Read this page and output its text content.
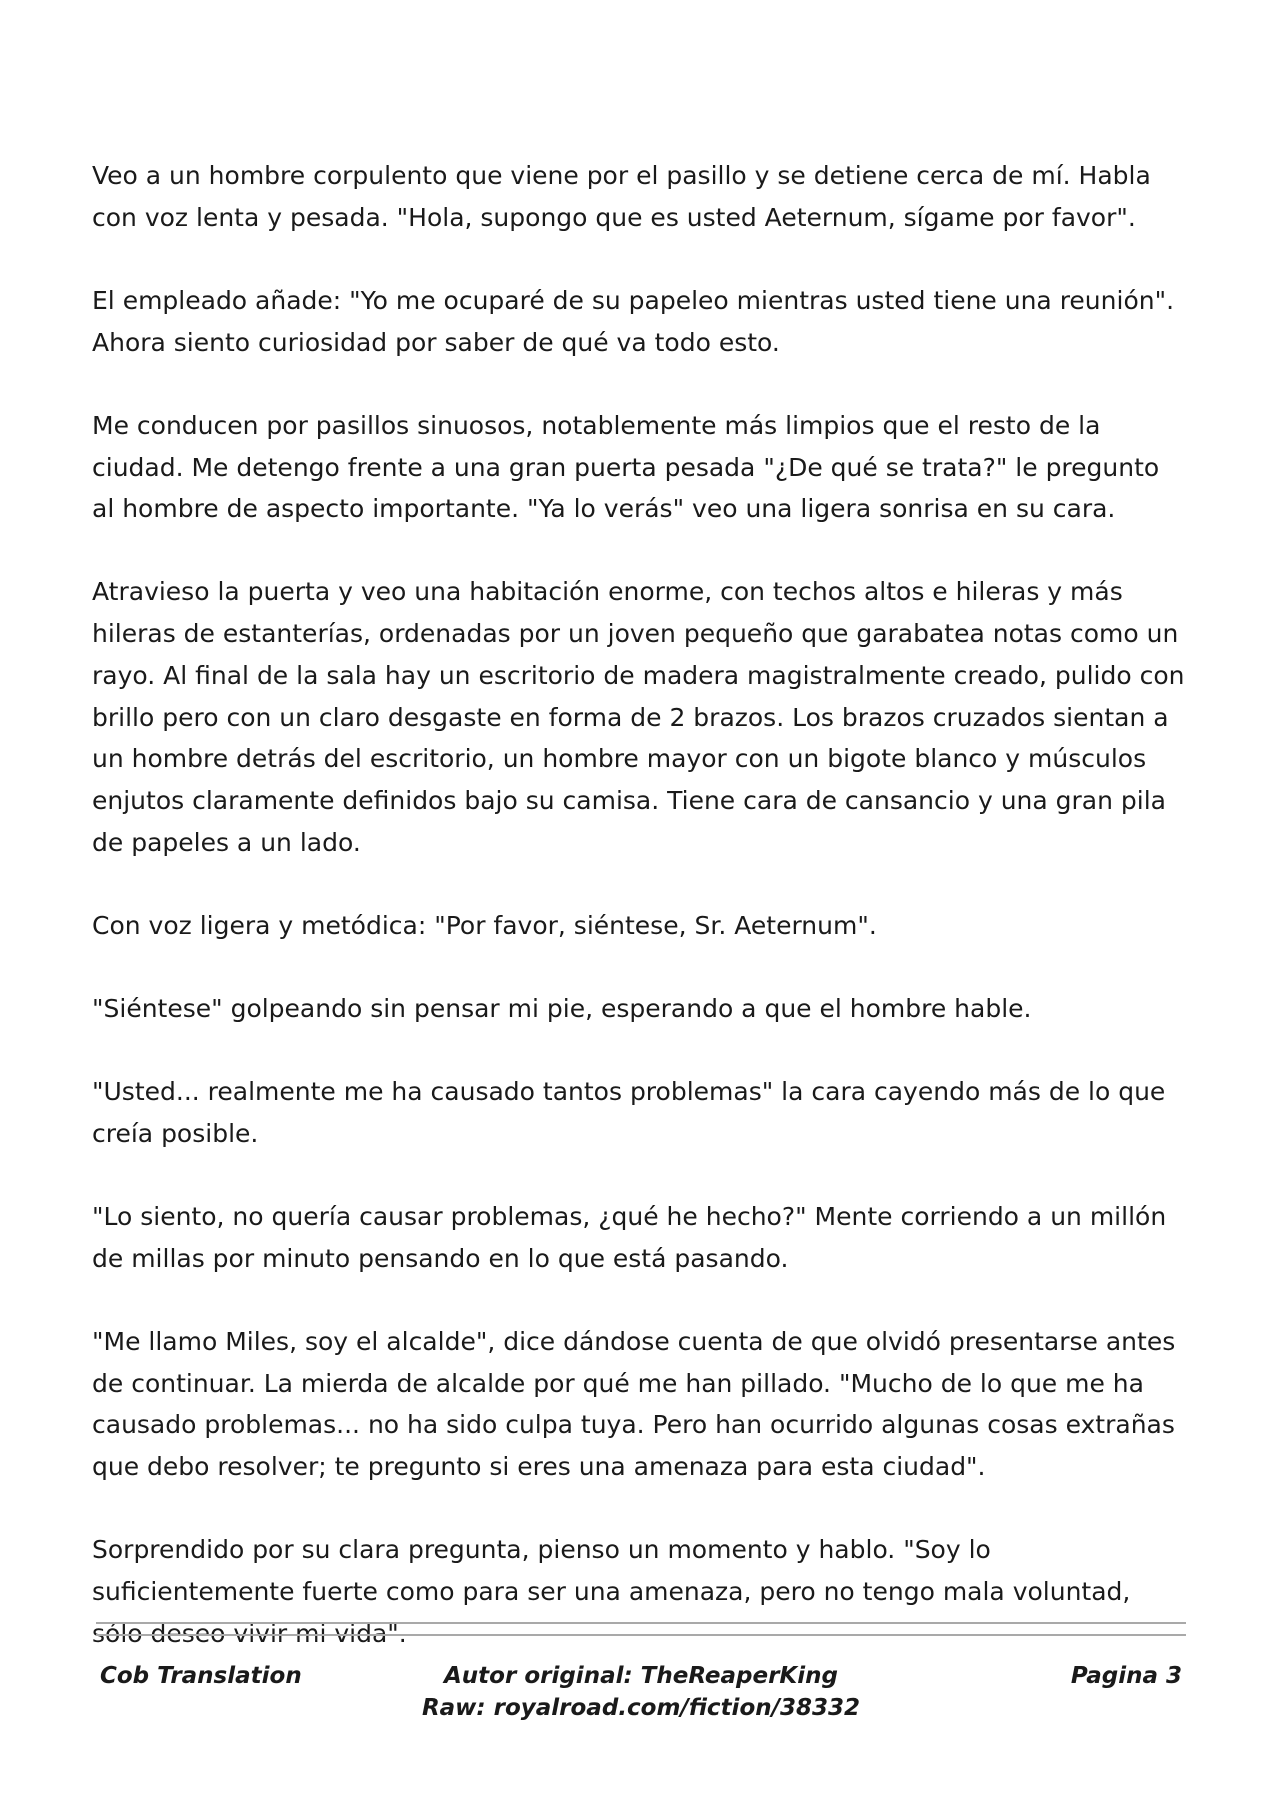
Veo a un hombre corpulento que viene por el pasillo y se detiene cerca de mí. Habla con voz lenta y pesada. "Hola, supongo que es usted Aeternum, sígame por favor".

El empleado añade: "Yo me ocuparé de su papeleo mientras usted tiene una reunión". Ahora siento curiosidad por saber de qué va todo esto.

Me conducen por pasillos sinuosos, notablemente más limpios que el resto de la ciudad. Me detengo frente a una gran puerta pesada "¿De qué se trata?" le pregunto al hombre de aspecto importante. "Ya lo verás" veo una ligera sonrisa en su cara.

Atravieso la puerta y veo una habitación enorme, con techos altos e hileras y más hileras de estanterías, ordenadas por un joven pequeño que garabatea notas como un rayo. Al final de la sala hay un escritorio de madera magistralmente creado, pulido con brillo pero con un claro desgaste en forma de 2 brazos. Los brazos cruzados sientan a un hombre detrás del escritorio, un hombre mayor con un bigote blanco y músculos enjutos claramente definidos bajo su camisa. Tiene cara de cansancio y una gran pila de papeles a un lado.

Con voz ligera y metódica: "Por favor, siéntese, Sr. Aeternum".

"Siéntese" golpeando sin pensar mi pie, esperando a que el hombre hable.

"Usted... realmente me ha causado tantos problemas" la cara cayendo más de lo que creía posible.

"Lo siento, no quería causar problemas, ¿qué he hecho?" Mente corriendo a un millón de millas por minuto pensando en lo que está pasando.

"Me llamo Miles, soy el alcalde", dice dándose cuenta de que olvidó presentarse antes de continuar. La mierda de alcalde por qué me han pillado. "Mucho de lo que me ha causado problemas... no ha sido culpa tuya. Pero han ocurrido algunas cosas extrañas que debo resolver; te pregunto si eres una amenaza para esta ciudad".

Sorprendido por su clara pregunta, pienso un momento y hablo. "Soy lo suficientemente fuerte como para ser una amenaza, pero no tengo mala voluntad, sólo deseo vivir mi vida".

Cob Translation	Autor original: TheReaperKing
Raw: royalroad.com/fiction/38332
Pagina 3
